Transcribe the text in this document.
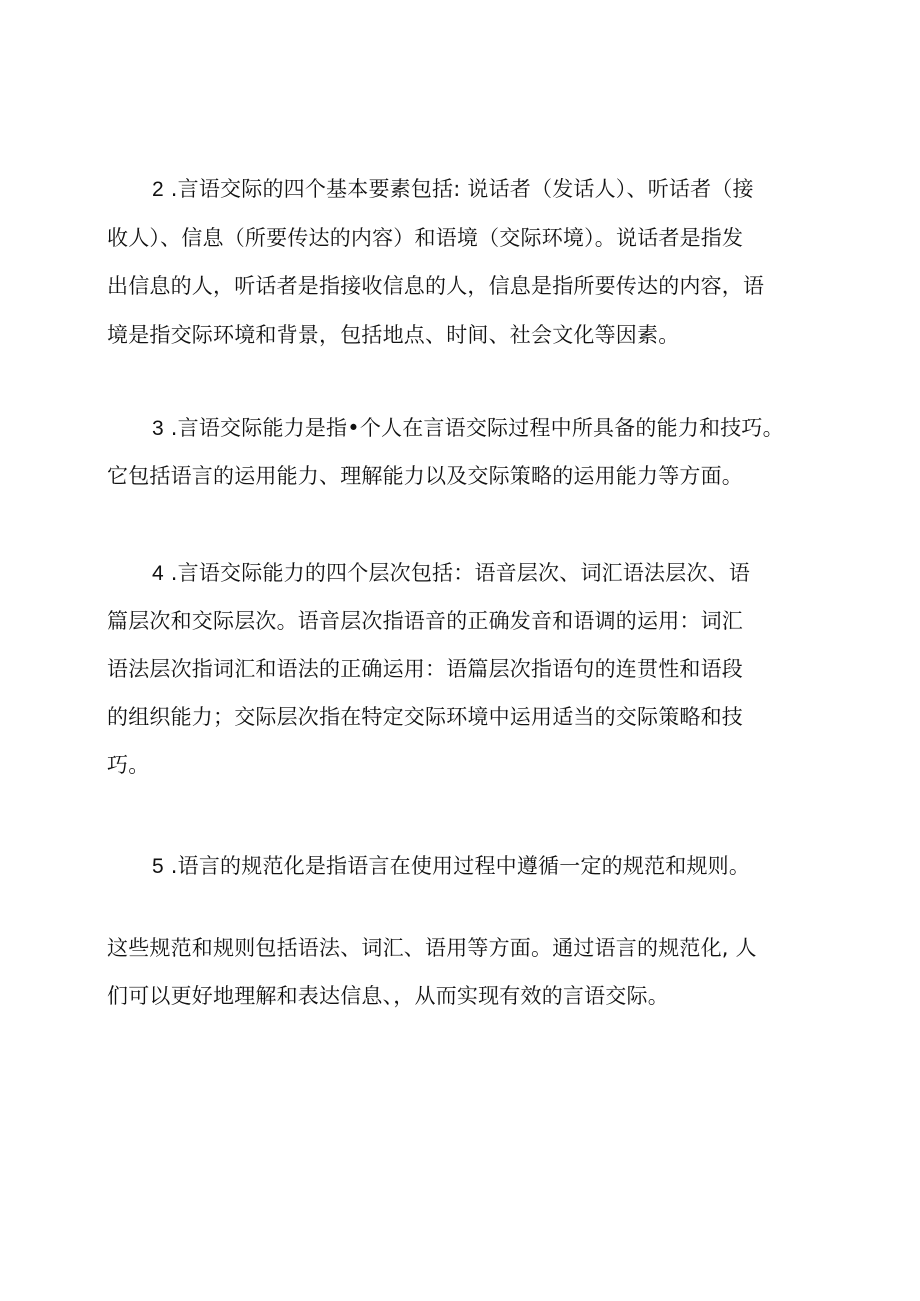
2 .言语交际的四个基本要素包括: 说话者（发话人）、听话者（接
收人）、信息（所要传达的内容）和语境（交际环境）。说话者是指发
出信息的人，听话者是指接收信息的人，信息是指所要传达的内容，语
境是指交际环境和背景，包括地点、时间、社会文化等因素。
3 .言语交际能力是指•个人在言语交际过程中所具备的能力和技巧。
它包括语言的运用能力、理解能力以及交际策略的运用能力等方面。
4 .言语交际能力的四个层次包括：语音层次、词汇语法层次、语
篇层次和交际层次。语音层次指语音的正确发音和语调的运用：词汇
语法层次指词汇和语法的正确运用：语篇层次指语句的连贯性和语段
的组织能力；交际层次指在特定交际环境中运用适当的交际策略和技
巧。
5 .语言的规范化是指语言在使用过程中遵循一定的规范和规则。
这些规范和规则包括语法、词汇、语用等方面。通过语言的规范化, 人
们可以更好地理解和表达信息、，从而实现有效的言语交际。
